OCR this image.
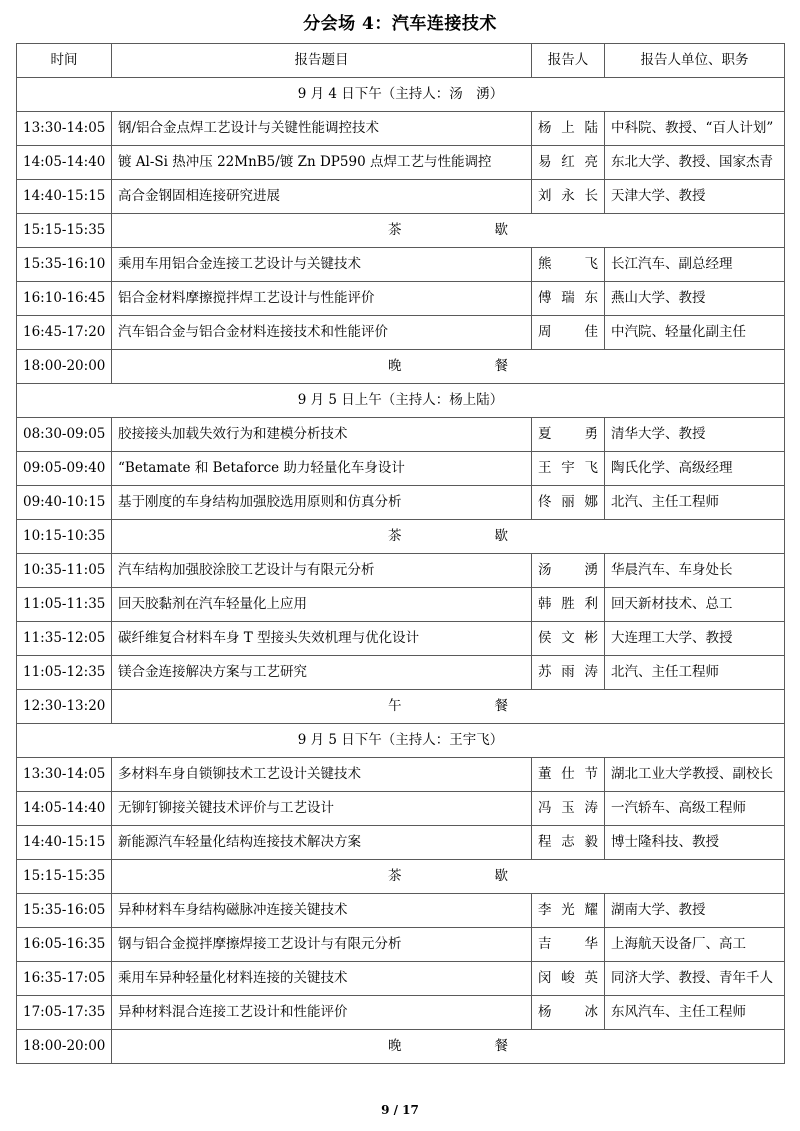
分会场 4：汽车连接技术
时间	报告题目	报告人	报告人单位、职务
9 月 4 日下午（主持人：汤　湧）			
13:30-14:05	钢/铝合金点焊工艺设计与关键性能调控技术	杨上陆	中科院、教授、“百人计划”
14:05-14:40	镀 Al-Si 热冲压 22MnB5/镀 Zn DP590 点焊工艺与性能调控	易红亮	东北大学、教授、国家杰青
14:40-15:15	高合金钢固相连接研究进展	刘永长	天津大学、教授
15:15-15:35	茶　歇		
15:35-16:10	乘用车用铝合金连接工艺设计与关键技术	熊飞	长江汽车、副总经理
16:10-16:45	铝合金材料摩擦搅拌焊工艺设计与性能评价	傅瑞东	燕山大学、教授
16:45-17:20	汽车铝合金与铝合金材料连接技术和性能评价	周佳	中汽院、轻量化副主任
18:00-20:00	晚　餐		
9 月 5 日上午（主持人：杨上陆）			
08:30-09:05	胶接接头加载失效行为和建模分析技术	夏勇	清华大学、教授
09:05-09:40	“Betamate 和 Betaforce 助力轻量化车身设计	王宇飞	陶氏化学、高级经理
09:40-10:15	基于刚度的车身结构加强胶选用原则和仿真分析	佟丽娜	北汽、主任工程师
10:15-10:35	茶　歇		
10:35-11:05	汽车结构加强胶涂胶工艺设计与有限元分析	汤湧	华晨汽车、车身处长
11:05-11:35	回天胶黏剂在汽车轻量化上应用	韩胜利	回天新材技术、总工
11:35-12:05	碳纤维复合材料车身 T 型接头失效机理与优化设计	侯文彬	大连理工大学、教授
11:05-12:35	镁合金连接解决方案与工艺研究	苏雨涛	北汽、主任工程师
12:30-13:20	午　餐		
9 月 5 日下午（主持人：王宇飞）			
13:30-14:05	多材料车身自锁铆技术工艺设计关键技术	董仕节	湖北工业大学教授、副校长
14:05-14:40	无铆钉铆接关键技术评价与工艺设计	冯玉涛	一汽轿车、高级工程师
14:40-15:15	新能源汽车轻量化结构连接技术解决方案	程志毅	博士隆科技、教授
15:15-15:35	茶　歇		
15:35-16:05	异种材料车身结构磁脉冲连接关键技术	李光耀	湖南大学、教授
16:05-16:35	钢与铝合金搅拌摩擦焊接工艺设计与有限元分析	吉华	上海航天设备厂、高工
16:35-17:05	乘用车异种轻量化材料连接的关键技术	闵峻英	同济大学、教授、青年千人
17:05-17:35	异种材料混合连接工艺设计和性能评价	杨冰	东风汽车、主任工程师
18:00-20:00	晚　餐		
9 / 17
